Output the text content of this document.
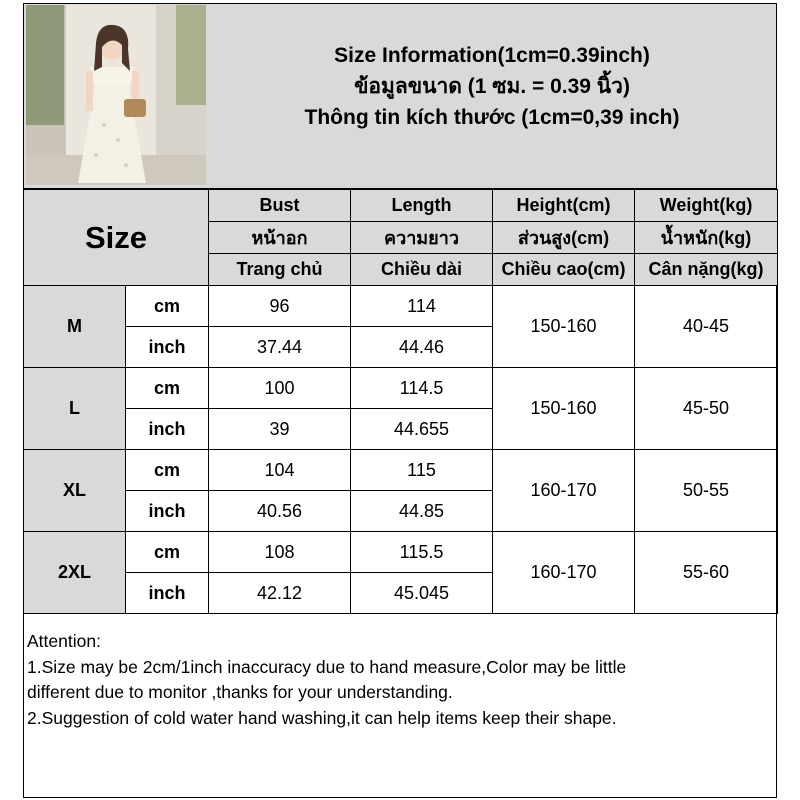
Size Information(1cm=0.39inch)
ข้อมูลขนาด (1 ซม. = 0.39 นิ้ว)
Thông tin kích thước (1cm=0,39 inch)
Size		Bust	Length	Height(cm)	Weight(kg)
		หน้าอก	ความยาว	ส่วนสูง(cm)	น้ำหนัก(kg)
		Trang chủ	Chiều dài	Chiều cao(cm)	Cân nặng(kg)
M	cm	96	114	150-160	40-45
	inch	37.44	44.46		
L	cm	100	114.5	150-160	45-50
	inch	39	44.655		
XL	cm	104	115	160-170	50-55
	inch	40.56	44.85		
2XL	cm	108	115.5	160-170	55-60
	inch	42.12	45.045		
Attention:
1.Size may be 2cm/1inch inaccuracy due to hand measure,Color may be little
different due to monitor ,thanks for your understanding.
2.Suggestion of cold water hand washing,it can help items keep their shape.
